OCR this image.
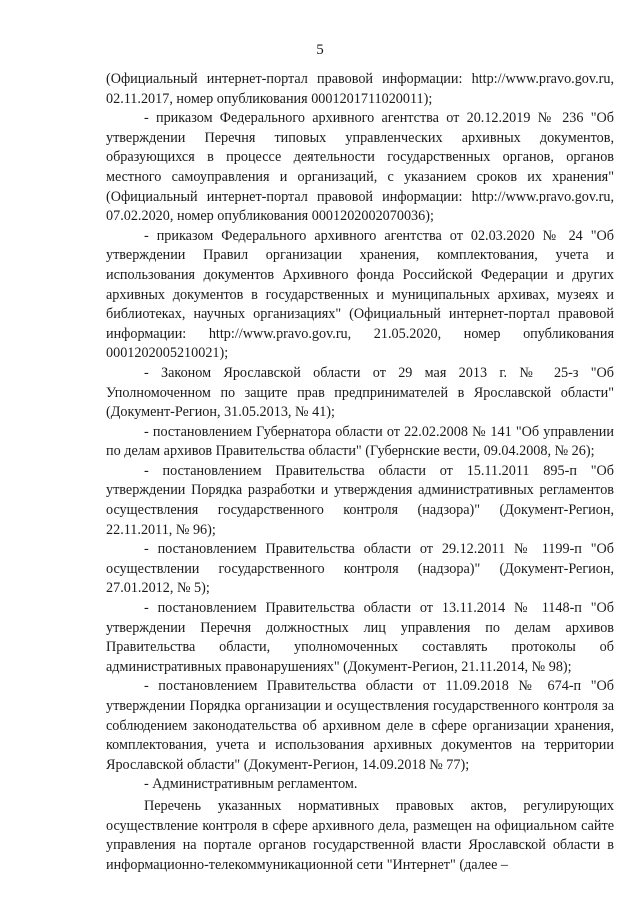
5

(Официальный интернет-портал правовой информации: http://www.pravo.gov.ru, 02.11.2017, номер опубликования 0001201711020011);

- приказом Федерального архивного агентства от 20.12.2019 № 236 "Об утверждении Перечня типовых управленческих архивных документов, образующихся в процессе деятельности государственных органов, органов местного самоуправления и организаций, с указанием сроков их хранения" (Официальный интернет-портал правовой информации: http://www.pravo.gov.ru, 07.02.2020, номер опубликования 0001202002070036);

- приказом Федерального архивного агентства от 02.03.2020 № 24 "Об утверждении Правил организации хранения, комплектования, учета и использования документов Архивного фонда Российской Федерации и других архивных документов в государственных и муниципальных архивах, музеях и библиотеках, научных организациях" (Официальный интернет-портал правовой информации: http://www.pravo.gov.ru, 21.05.2020, номер опубликования 0001202005210021);

- Законом Ярославской области от 29 мая 2013 г. № 25-з "Об Уполномоченном по защите прав предпринимателей в Ярославской области" (Документ-Регион, 31.05.2013, № 41);

- постановлением Губернатора области от 22.02.2008 № 141 "Об управлении по делам архивов Правительства области" (Губернские вести, 09.04.2008, № 26);

- постановлением Правительства области от 15.11.2011 895-п "Об утверждении Порядка разработки и утверждения административных регламентов осуществления государственного контроля (надзора)" (Документ-Регион, 22.11.2011, № 96);

- постановлением Правительства области от 29.12.2011 № 1199-п "Об осуществлении государственного контроля (надзора)" (Документ-Регион, 27.01.2012, № 5);

- постановлением Правительства области от 13.11.2014 № 1148-п "Об утверждении Перечня должностных лиц управления по делам архивов Правительства области, уполномоченных составлять протоколы об административных правонарушениях" (Документ-Регион, 21.11.2014, № 98);

- постановлением Правительства области от 11.09.2018 № 674-п "Об утверждении Порядка организации и осуществления государственного контроля за соблюдением законодательства об архивном деле в сфере организации хранения, комплектования, учета и использования архивных документов на территории Ярославской области" (Документ-Регион, 14.09.2018 № 77);

- Административным регламентом.

Перечень указанных нормативных правовых актов, регулирующих осуществление контроля в сфере архивного дела, размещен на официальном сайте управления на портале органов государственной власти Ярославской области в информационно-телекоммуникационной сети "Интернет" (далее –
